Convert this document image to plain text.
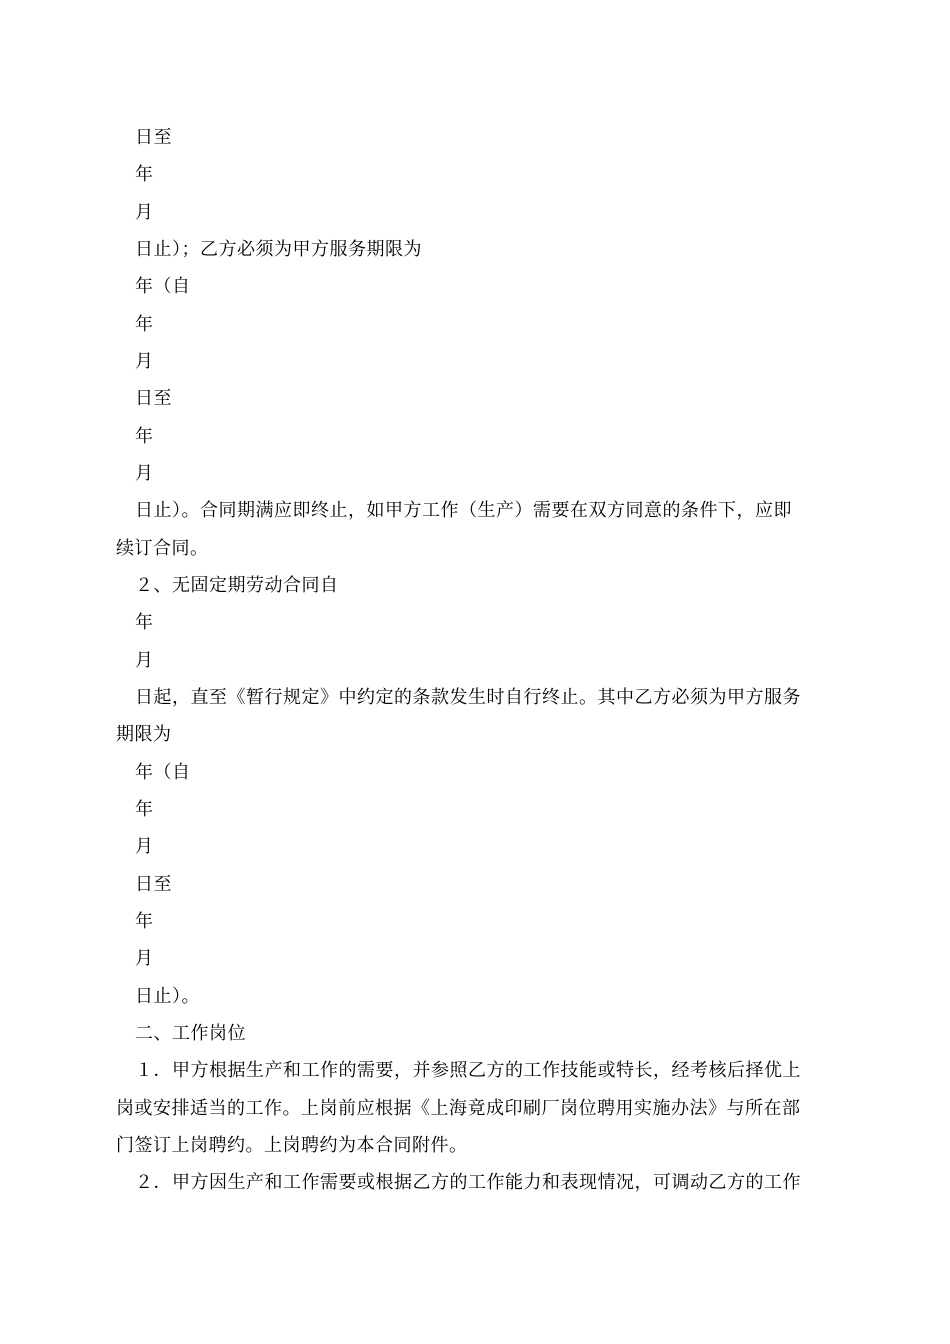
日至
年
月
日止）；乙方必须为甲方服务期限为
年（自
年
月
日至
年
月
日止）。合同期满应即终止，如甲方工作（生产）需要在双方同意的条件下，应即
续订合同。
２、无固定期劳动合同自
年
月
日起，直至《暂行规定》中约定的条款发生时自行终止。其中乙方必须为甲方服务
期限为
年（自
年
月
日至
年
月
日止）。
二、工作岗位
１．甲方根据生产和工作的需要，并参照乙方的工作技能或特长，经考核后择优上
岗或安排适当的工作。上岗前应根据《上海竟成印刷厂岗位聘用实施办法》与所在部
门签订上岗聘约。上岗聘约为本合同附件。
２．甲方因生产和工作需要或根据乙方的工作能力和表现情况，可调动乙方的工作
